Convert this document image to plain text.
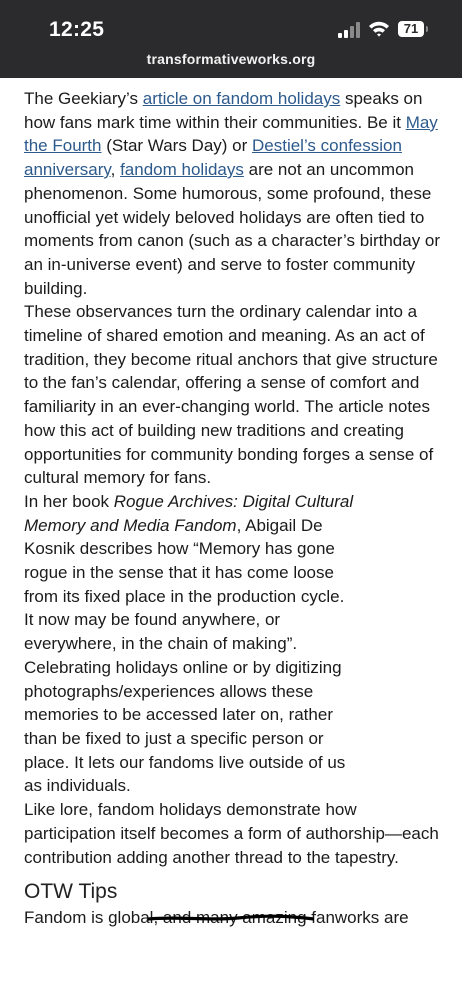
12:25	71
transformativeworks.org

The Geekiary’s article on fandom holidays speaks on how fans mark time within their communities. Be it May the Fourth (Star Wars Day) or Destiel’s confession anniversary, fandom holidays are not an uncommon phenomenon. Some humorous, some profound, these unofficial yet widely beloved holidays are often tied to moments from canon (such as a character’s birthday or an in-universe event) and serve to foster community building.

These observances turn the ordinary calendar into a timeline of shared emotion and meaning. As an act of tradition, they become ritual anchors that give structure to the fan’s calendar, offering a sense of comfort and familiarity in an ever-changing world. The article notes how this act of building new traditions and creating opportunities for community bonding forges a sense of cultural memory for fans.

In her book Rogue Archives: Digital Cultural Memory and Media Fandom, Abigail De Kosnik describes how “Memory has gone rogue in the sense that it has come loose from its fixed place in the production cycle. It now may be found anywhere, or everywhere, in the chain of making”. Celebrating holidays online or by digitizing photographs/experiences allows these memories to be accessed later on, rather than be fixed to just a specific person or place. It lets our fandoms live outside of us as individuals.

Like lore, fandom holidays demonstrate how participation itself becomes a form of authorship—each contribution adding another thread to the tapestry.

OTW Tips

Fandom is global, and many amazing fanworks are
